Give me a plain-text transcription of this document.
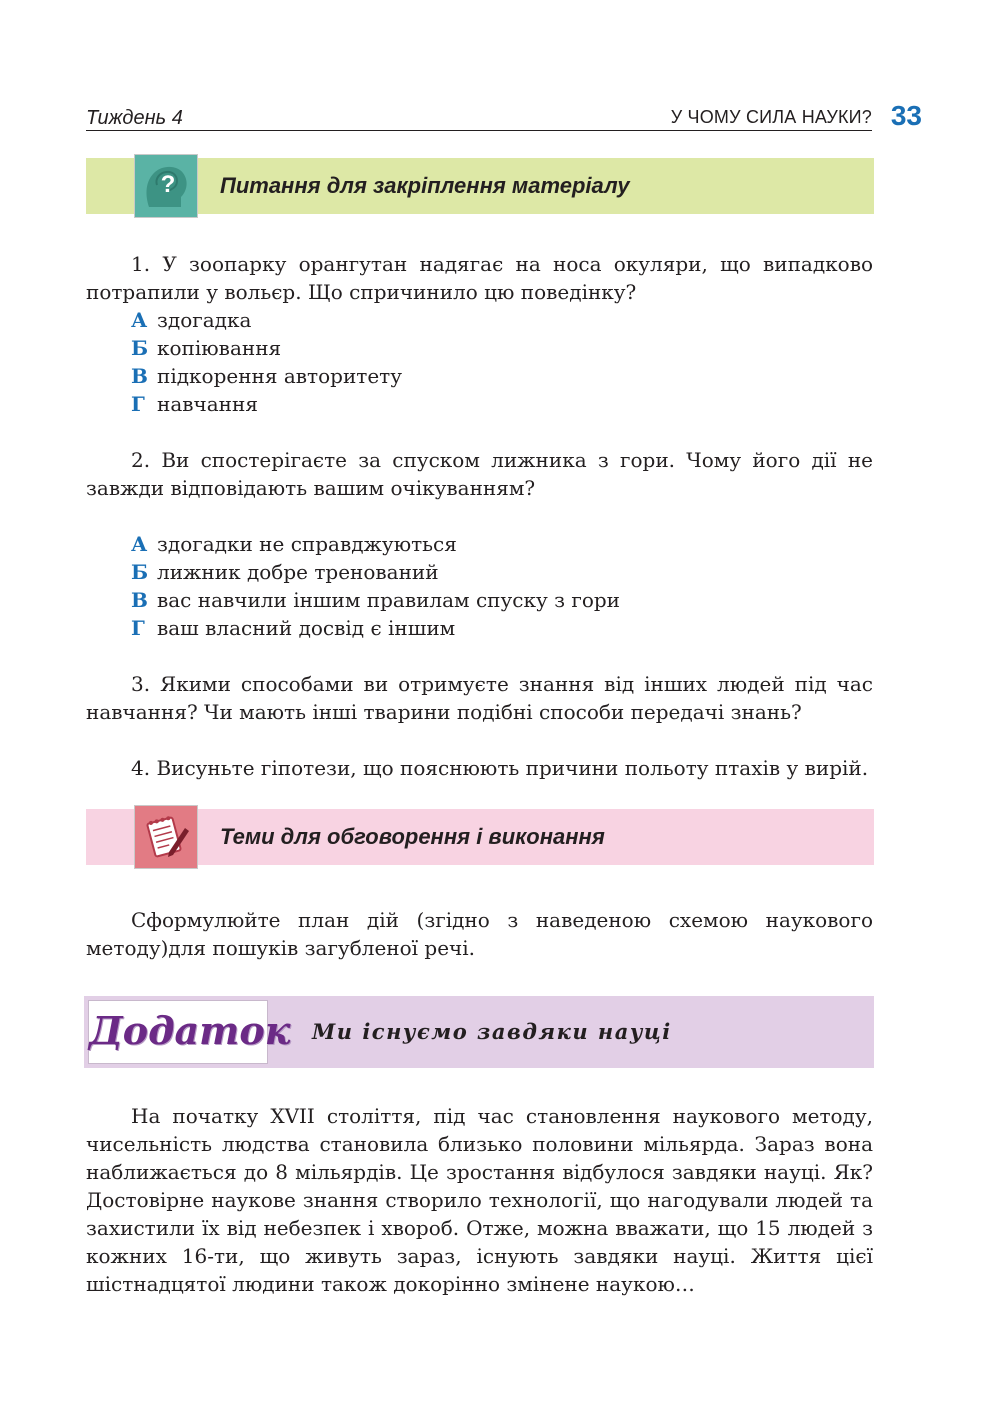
Тиждень 4	У ЧОМУ СИЛА НАУКИ? 33
? Питання для закріплення матеріалу

1. У зоопарку орангутан надягає на носа окуляри, що випадково потрапили у вольєр. Що спричинило цю поведінку?

А здогадка
Б копіювання
В підкорення авторитету
Г навчання

2. Ви спостерігаєте за спуском лижника з гори. Чому його дії не завжди відповідають вашим очікуванням?

А здогадки не справджуються
Б лижник добре тренований
В вас навчили іншим правилам спуску з гори
Г ваш власний досвід є іншим

3. Якими способами ви отримуєте знання від інших людей під час навчання? Чи мають інші тварини подібні способи передачі знань?

4. Висуньте гіпотези, що пояснюють причини польоту птахів у вирій.

Теми для обговорення і виконання

Сформулюйте план дій (згідно з наведеною схемою наукового методу)для пошуків загубленої речі.

Додаток Ми існуємо завдяки науці

На початку XVII століття, під час становлення наукового методу, чисельність людства становила близько половини мільярда. Зараз вона наближається до 8 мільярдів. Це зростання відбулося завдяки науці. Як? Достовірне наукове знання створило технології, що нагодували людей та захистили їх від небезпек і хвороб. Отже, можна вважати, що 15 людей з кожних 16-ти, що живуть зараз, існують завдяки науці. Життя цієї шістнадцятої людини також докорінно змінене наукою…
